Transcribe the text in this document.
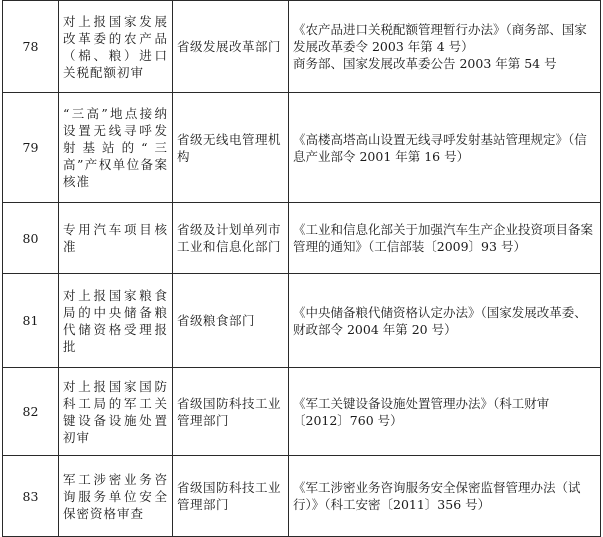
78	对上报国家发展改革委的农产品（棉、粮）进口关税配额初审	省级发展改革部门	《农产品进口关税配额管理暂行办法》（商务部、国家发展改革委令 2003 年第 4 号）
商务部、国家发展改革委公告 2003 年第 54 号

79	“三高”地点接纳设置无线寻呼发射基站的“三高”产权单位备案核准	省级无线电管理机构	《高楼高塔高山设置无线寻呼发射基站管理规定》（信息产业部令 2001 年第 16 号）

80	专用汽车项目核准	省级及计划单列市工业和信息化部门	《工业和信息化部关于加强汽车生产企业投资项目备案管理的通知》（工信部装〔2009〕93 号）

81	对上报国家粮食局的中央储备粮代储资格受理报批	省级粮食部门	《中央储备粮代储资格认定办法》（国家发展改革委、财政部令 2004 年第 20 号）

82	对上报国家国防科工局的军工关键设备设施处置初审	省级国防科技工业管理部门	《军工关键设备设施处置管理办法》（科工财审〔2012〕760 号）

83	军工涉密业务咨询服务单位安全保密资格审查	省级国防科技工业管理部门	《军工涉密业务咨询服务安全保密监督管理办法（试行）》（科工安密〔2011〕356 号）
